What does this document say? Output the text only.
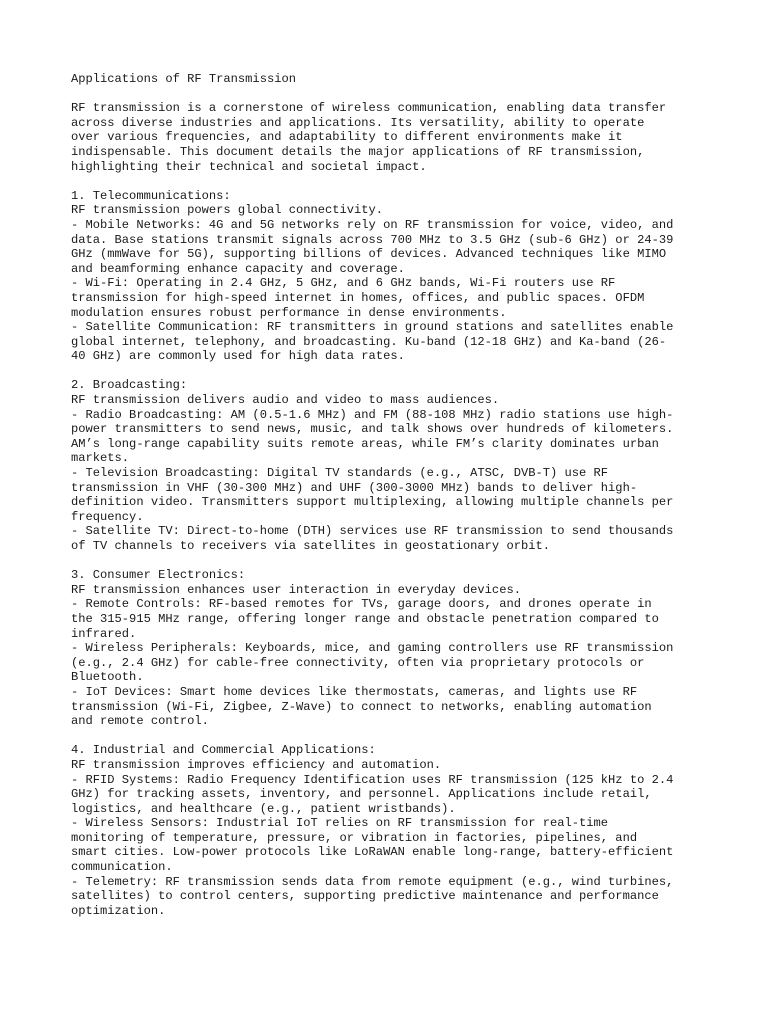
Applications of RF Transmission
RF transmission is a cornerstone of wireless communication, enabling data transfer
across diverse industries and applications. Its versatility, ability to operate
over various frequencies, and adaptability to different environments make it
indispensable. This document details the major applications of RF transmission,
highlighting their technical and societal impact.
1. Telecommunications:
RF transmission powers global connectivity.
- Mobile Networks: 4G and 5G networks rely on RF transmission for voice, video, and
data. Base stations transmit signals across 700 MHz to 3.5 GHz (sub-6 GHz) or 24-39
GHz (mmWave for 5G), supporting billions of devices. Advanced techniques like MIMO
and beamforming enhance capacity and coverage.
- Wi-Fi: Operating in 2.4 GHz, 5 GHz, and 6 GHz bands, Wi-Fi routers use RF
transmission for high-speed internet in homes, offices, and public spaces. OFDM
modulation ensures robust performance in dense environments.
- Satellite Communication: RF transmitters in ground stations and satellites enable
global internet, telephony, and broadcasting. Ku-band (12-18 GHz) and Ka-band (26-
40 GHz) are commonly used for high data rates.
2. Broadcasting:
RF transmission delivers audio and video to mass audiences.
- Radio Broadcasting: AM (0.5-1.6 MHz) and FM (88-108 MHz) radio stations use high-
power transmitters to send news, music, and talk shows over hundreds of kilometers.
AM’s long-range capability suits remote areas, while FM’s clarity dominates urban
markets.
- Television Broadcasting: Digital TV standards (e.g., ATSC, DVB-T) use RF
transmission in VHF (30-300 MHz) and UHF (300-3000 MHz) bands to deliver high-
definition video. Transmitters support multiplexing, allowing multiple channels per
frequency.
- Satellite TV: Direct-to-home (DTH) services use RF transmission to send thousands
of TV channels to receivers via satellites in geostationary orbit.
3. Consumer Electronics:
RF transmission enhances user interaction in everyday devices.
- Remote Controls: RF-based remotes for TVs, garage doors, and drones operate in
the 315-915 MHz range, offering longer range and obstacle penetration compared to
infrared.
- Wireless Peripherals: Keyboards, mice, and gaming controllers use RF transmission
(e.g., 2.4 GHz) for cable-free connectivity, often via proprietary protocols or
Bluetooth.
- IoT Devices: Smart home devices like thermostats, cameras, and lights use RF
transmission (Wi-Fi, Zigbee, Z-Wave) to connect to networks, enabling automation
and remote control.
4. Industrial and Commercial Applications:
RF transmission improves efficiency and automation.
- RFID Systems: Radio Frequency Identification uses RF transmission (125 kHz to 2.4
GHz) for tracking assets, inventory, and personnel. Applications include retail,
logistics, and healthcare (e.g., patient wristbands).
- Wireless Sensors: Industrial IoT relies on RF transmission for real-time
monitoring of temperature, pressure, or vibration in factories, pipelines, and
smart cities. Low-power protocols like LoRaWAN enable long-range, battery-efficient
communication.
- Telemetry: RF transmission sends data from remote equipment (e.g., wind turbines,
satellites) to control centers, supporting predictive maintenance and performance
optimization.
